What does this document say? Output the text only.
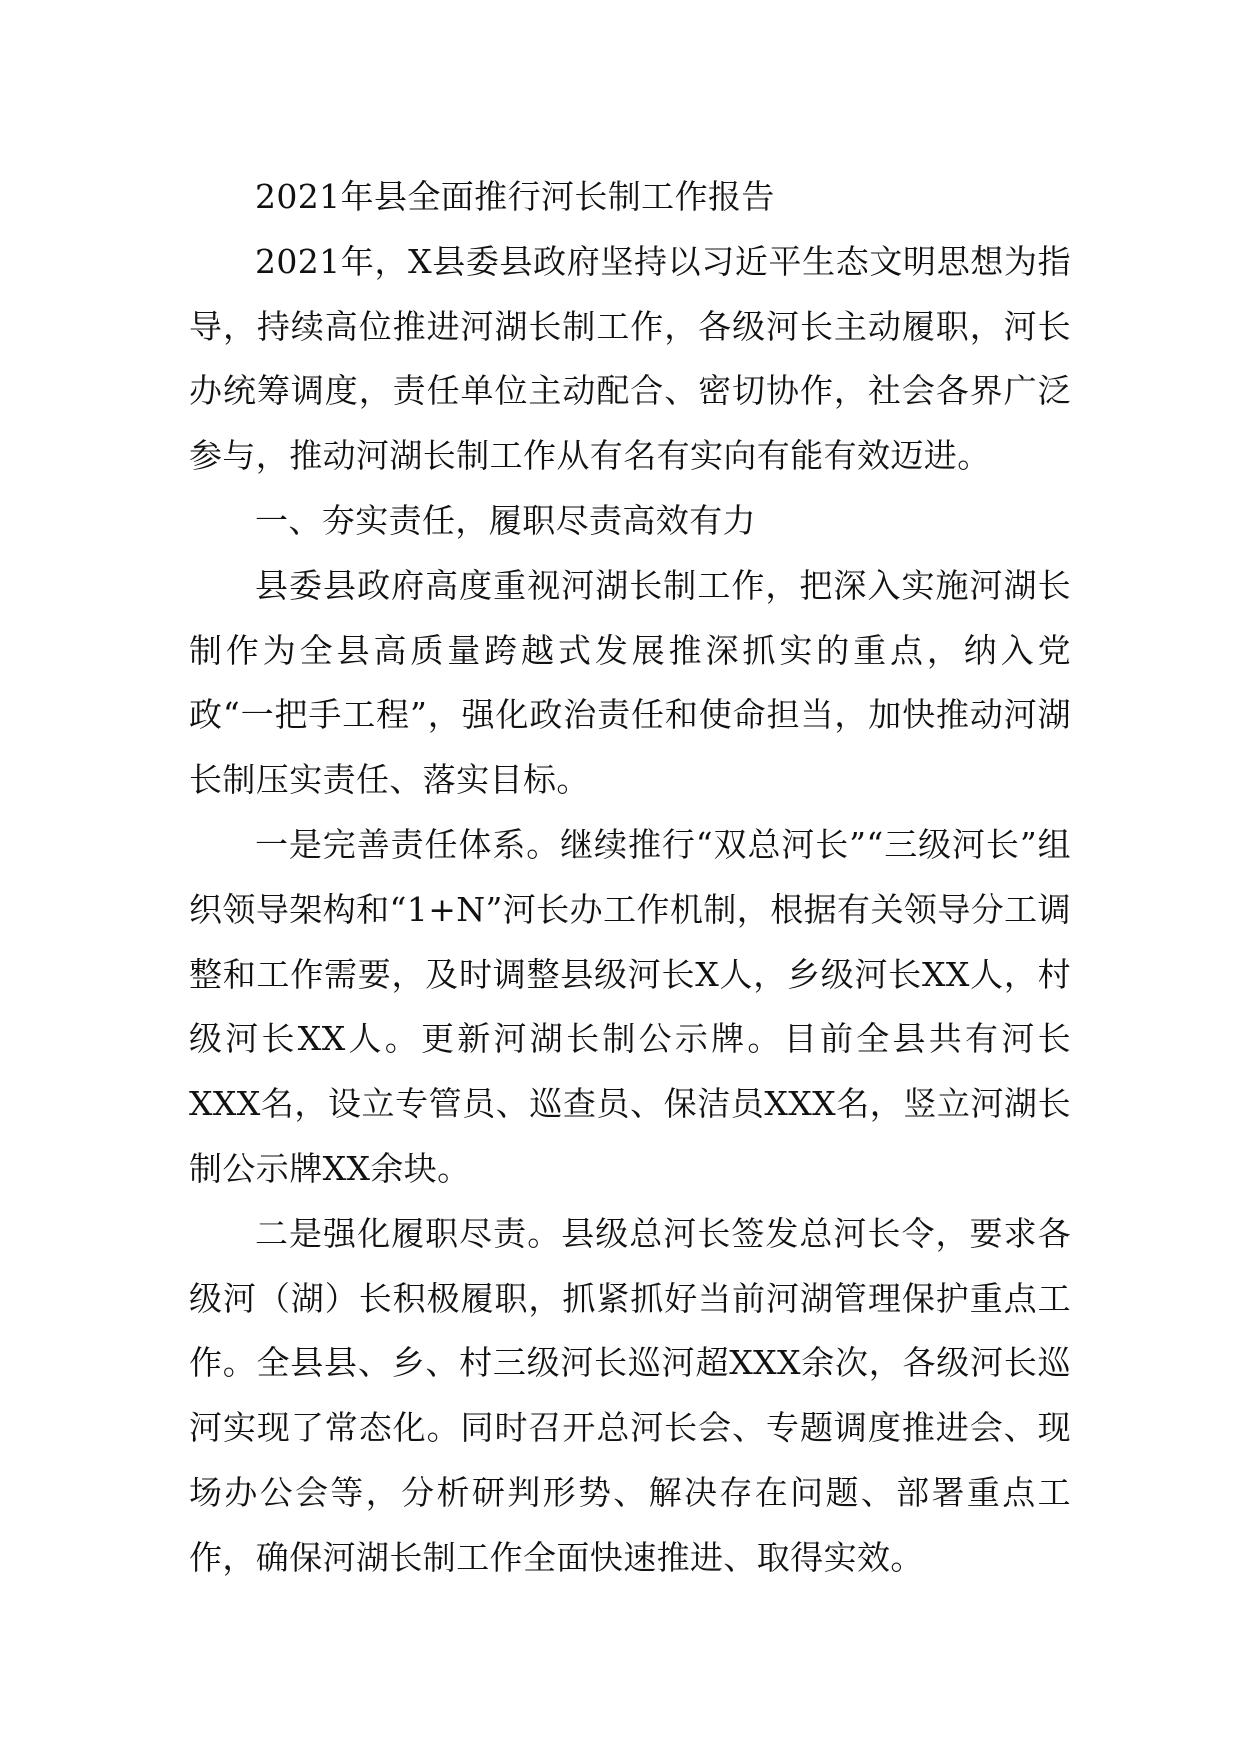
2021年县全面推行河长制工作报告

2021年，X县委县政府坚持以习近平生态文明思想为指导，持续高位推进河湖长制工作，各级河长主动履职，河长办统筹调度，责任单位主动配合、密切协作，社会各界广泛参与，推动河湖长制工作从有名有实向有能有效迈进。

一、夯实责任，履职尽责高效有力

县委县政府高度重视河湖长制工作，把深入实施河湖长制作为全县高质量跨越式发展推深抓实的重点，纳入党政“一把手工程”，强化政治责任和使命担当，加快推动河湖长制压实责任、落实目标。

一是完善责任体系。继续推行“双总河长”“三级河长”组织领导架构和“1+N”河长办工作机制，根据有关领导分工调整和工作需要，及时调整县级河长X人，乡级河长XX人，村级河长XX人。更新河湖长制公示牌。目前全县共有河长XXX名，设立专管员、巡查员、保洁员XXX名，竖立河湖长制公示牌XX余块。

二是强化履职尽责。县级总河长签发总河长令，要求各级河（湖）长积极履职，抓紧抓好当前河湖管理保护重点工作。全县县、乡、村三级河长巡河超XXX余次，各级河长巡河实现了常态化。同时召开总河长会、专题调度推进会、现场办公会等，分析研判形势、解决存在问题、部署重点工作，确保河湖长制工作全面快速推进、取得实效。
